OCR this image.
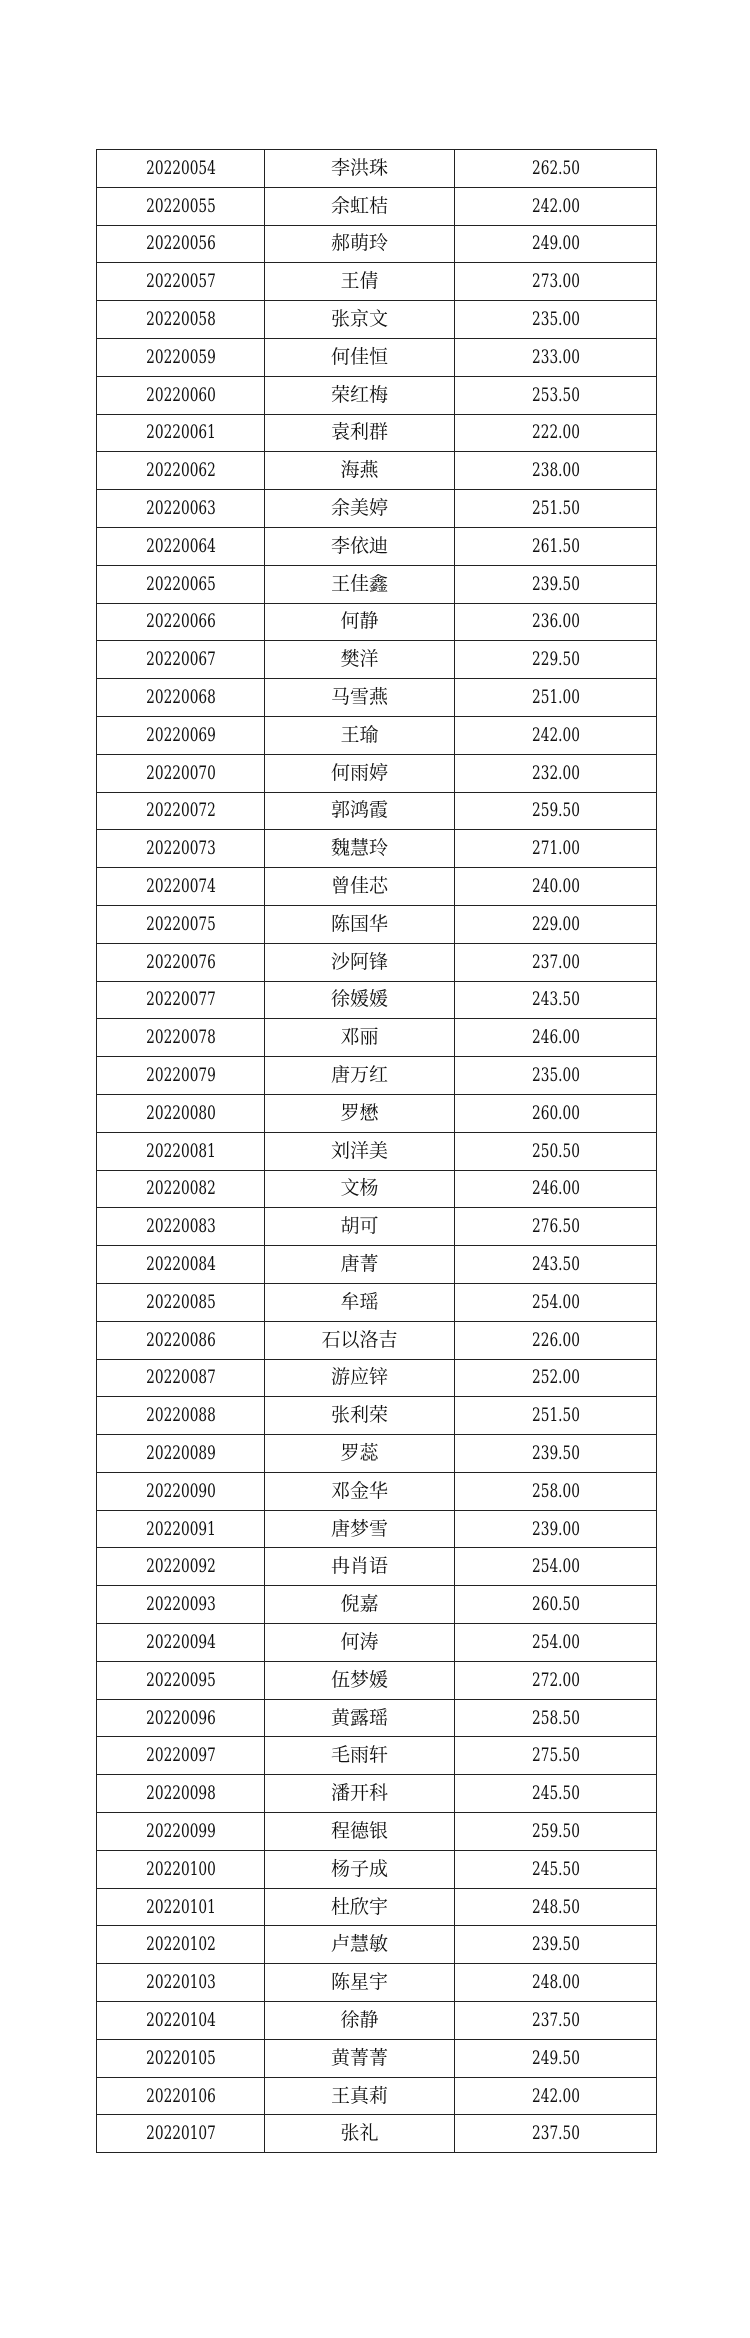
20220054	李洪珠	262.50
20220055	余虹桔	242.00
20220056	郝萌玲	249.00
20220057	王倩	273.00
20220058	张京文	235.00
20220059	何佳恒	233.00
20220060	荣红梅	253.50
20220061	袁利群	222.00
20220062	海燕	238.00
20220063	余美婷	251.50
20220064	李依迪	261.50
20220065	王佳鑫	239.50
20220066	何静	236.00
20220067	樊洋	229.50
20220068	马雪燕	251.00
20220069	王瑜	242.00
20220070	何雨婷	232.00
20220072	郭鸿霞	259.50
20220073	魏慧玲	271.00
20220074	曾佳芯	240.00
20220075	陈国华	229.00
20220076	沙阿锋	237.00
20220077	徐媛媛	243.50
20220078	邓丽	246.00
20220079	唐万红	235.00
20220080	罗懋	260.00
20220081	刘洋美	250.50
20220082	文杨	246.00
20220083	胡可	276.50
20220084	唐菁	243.50
20220085	牟瑶	254.00
20220086	石以洛吉	226.00
20220087	游应锌	252.00
20220088	张利荣	251.50
20220089	罗蕊	239.50
20220090	邓金华	258.00
20220091	唐梦雪	239.00
20220092	冉肖语	254.00
20220093	倪嘉	260.50
20220094	何涛	254.00
20220095	伍梦媛	272.00
20220096	黄露瑶	258.50
20220097	毛雨轩	275.50
20220098	潘开科	245.50
20220099	程德银	259.50
20220100	杨子成	245.50
20220101	杜欣宇	248.50
20220102	卢慧敏	239.50
20220103	陈星宇	248.00
20220104	徐静	237.50
20220105	黄菁菁	249.50
20220106	王真莉	242.00
20220107	张礼	237.50
